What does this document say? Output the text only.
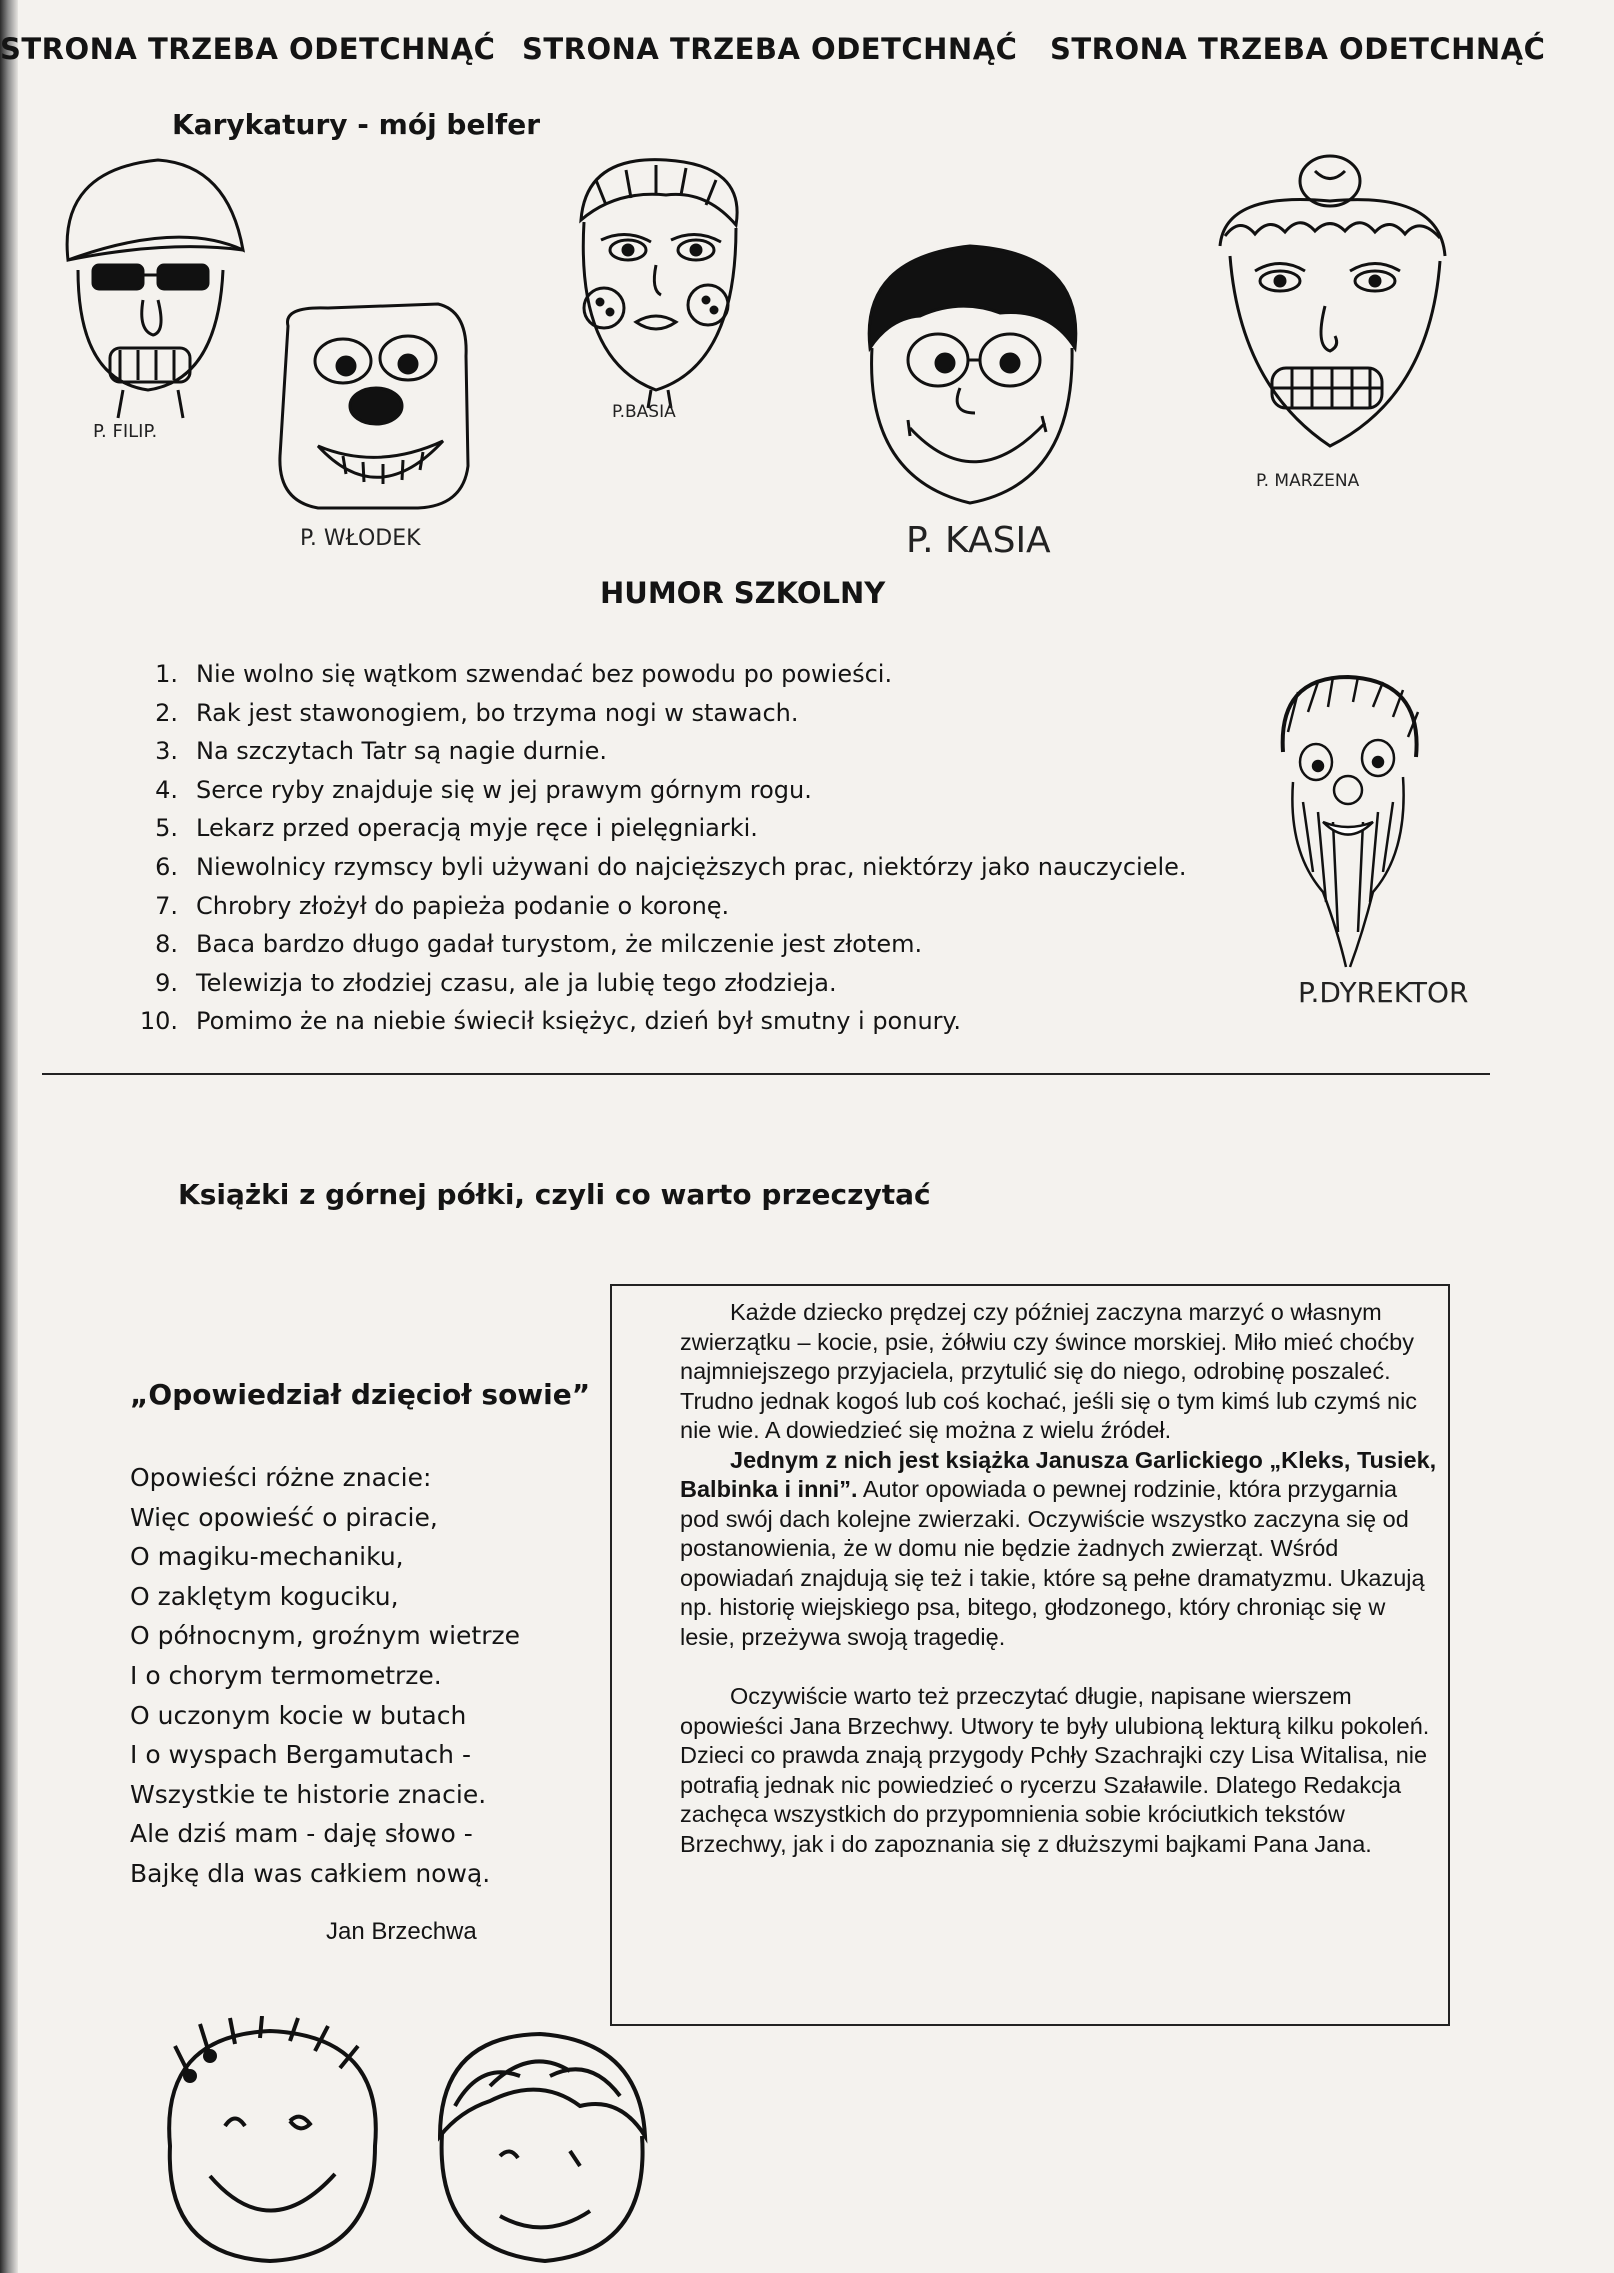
STRONA TRZEBA ODETCHNĄĆ STRONA TRZEBA ODETCHNĄĆ STRONA TRZEBA ODETCHNĄĆ
Karykatury - mój belfer
P. FILIP.
P. WŁODEK
P.BASIA
P. KASIA
P. MARZENA
HUMOR SZKOLNY
1. Nie wolno się wątkom szwendać bez powodu po powieści.
2. Rak jest stawonogiem, bo trzyma nogi w stawach.
3. Na szczytach Tatr są nagie durnie.
4. Serce ryby znajduje się w jej prawym górnym rogu.
5. Lekarz przed operacją myje ręce i pielęgniarki.
6. Niewolnicy rzymscy byli używani do najcięższych prac, niektórzy jako nauczyciele.
7. Chrobry złożył do papieża podanie o koronę.
8. Baca bardzo długo gadał turystom, że milczenie jest złotem.
9. Telewizja to złodziej czasu, ale ja lubię tego złodzieja.
10. Pomimo że na niebie świecił księżyc, dzień był smutny i ponury.
P.DYREKTOR
Książki z górnej półki, czyli co warto przeczytać
„Opowiedział dzięcioł sowie”
Opowieści różne znacie:
Więc opowieść o piracie,
O magiku-mechaniku,
O zaklętym koguciku,
O północnym, groźnym wietrze
I o chorym termometrze.
O uczonym kocie w butach
I o wyspach Bergamutach -
Wszystkie te historie znacie.
Ale dziś mam - daję słowo -
Bajkę dla was całkiem nową.
Jan Brzechwa

Każde dziecko prędzej czy później zaczyna marzyć o własnym zwierzątku – kocie, psie, żółwiu czy śwince morskiej. Miło mieć choćby najmniejszego przyjaciela, przytulić się do niego, odrobinę poszaleć. Trudno jednak kogoś lub coś kochać, jeśli się o tym kimś lub czymś nic nie wie. A dowiedzieć się można z wielu źródeł.

Jednym z nich jest książka Janusza Garlickiego „Kleks, Tusiek, Balbinka i inni”. Autor opowiada o pewnej rodzinie, która przygarnia pod swój dach kolejne zwierzaki. Oczywiście wszystko zaczyna się od postanowienia, że w domu nie będzie żadnych zwierząt. Wśród opowiadań znajdują się też i takie, które są pełne dramatyzmu. Ukazują np. historię wiejskiego psa, bitego, głodzonego, który chroniąc się w lesie, przeżywa swoją tragedię.

Oczywiście warto też przeczytać długie, napisane wierszem opowieści Jana Brzechwy. Utwory te były ulubioną lekturą kilku pokoleń. Dzieci co prawda znają przygody Pchły Szachrajki czy Lisa Witalisa, nie potrafią jednak nic powiedzieć o rycerzu Szaławile. Dlatego Redakcja zachęca wszystkich do przypomnienia sobie króciutkich tekstów Brzechwy, jak i do zapoznania się z dłuższymi bajkami Pana Jana.
